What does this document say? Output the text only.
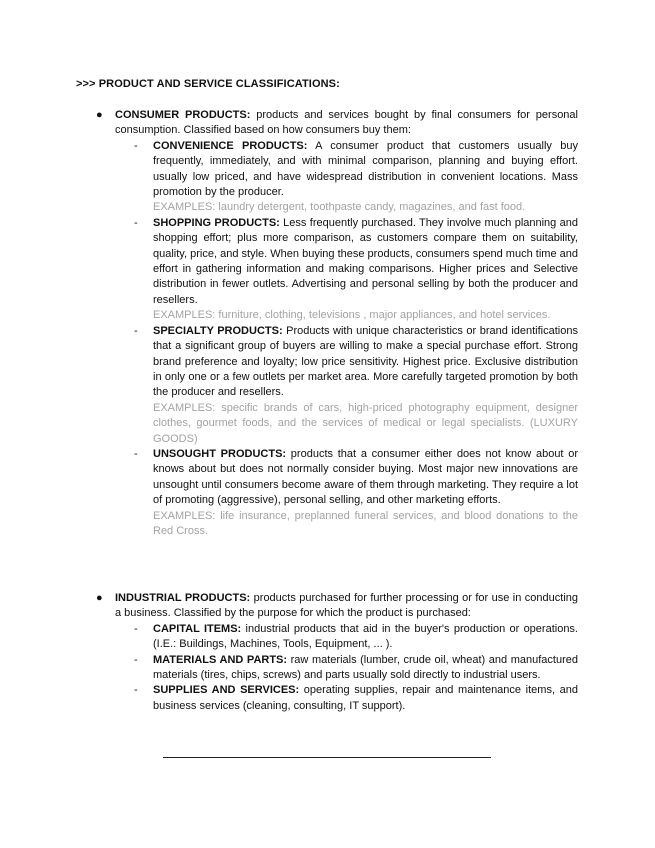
>>> PRODUCT AND SERVICE CLASSIFICATIONS:
● CONSUMER PRODUCTS: products and services bought by final consumers for personal consumption. Classified based on how consumers buy them:
- CONVENIENCE PRODUCTS: A consumer product that customers usually buy frequently, immediately, and with minimal comparison, planning and buying effort. usually low priced, and have widespread distribution in convenient locations. Mass promotion by the producer.
EXAMPLES: laundry detergent, toothpaste candy, magazines, and fast food.
- SHOPPING PRODUCTS: Less frequently purchased. They involve much planning and shopping effort; plus more comparison, as customers compare them on suitability, quality, price, and style. When buying these products, consumers spend much time and effort in gathering information and making comparisons. Higher prices and Selective distribution in fewer outlets. Advertising and personal selling by both the producer and resellers.
EXAMPLES: furniture, clothing, televisions , major appliances, and hotel services.
- SPECIALTY PRODUCTS: Products with unique characteristics or brand identifications that a significant group of buyers are willing to make a special purchase effort. Strong brand preference and loyalty; low price sensitivity. Highest price. Exclusive distribution in only one or a few outlets per market area. More carefully targeted promotion by both the producer and resellers.
EXAMPLES: specific brands of cars, high-priced photography equipment, designer clothes, gourmet foods, and the services of medical or legal specialists. (LUXURY GOODS)
- UNSOUGHT PRODUCTS: products that a consumer either does not know about or knows about but does not normally consider buying. Most major new innovations are unsought until consumers become aware of them through marketing. They require a lot of promoting (aggressive), personal selling, and other marketing efforts.
EXAMPLES: life insurance, preplanned funeral services, and blood donations to the Red Cross.
● INDUSTRIAL PRODUCTS: products purchased for further processing or for use in conducting a business. Classified by the purpose for which the product is purchased:
- CAPITAL ITEMS: industrial products that aid in the buyer's production or operations. (I.E.: Buildings, Machines, Tools, Equipment, ... ).
- MATERIALS AND PARTS: raw materials (lumber, crude oil, wheat) and manufactured materials (tires, chips, screws) and parts usually sold directly to industrial users.
- SUPPLIES AND SERVICES: operating supplies, repair and maintenance items, and business services (cleaning, consulting, IT support).
